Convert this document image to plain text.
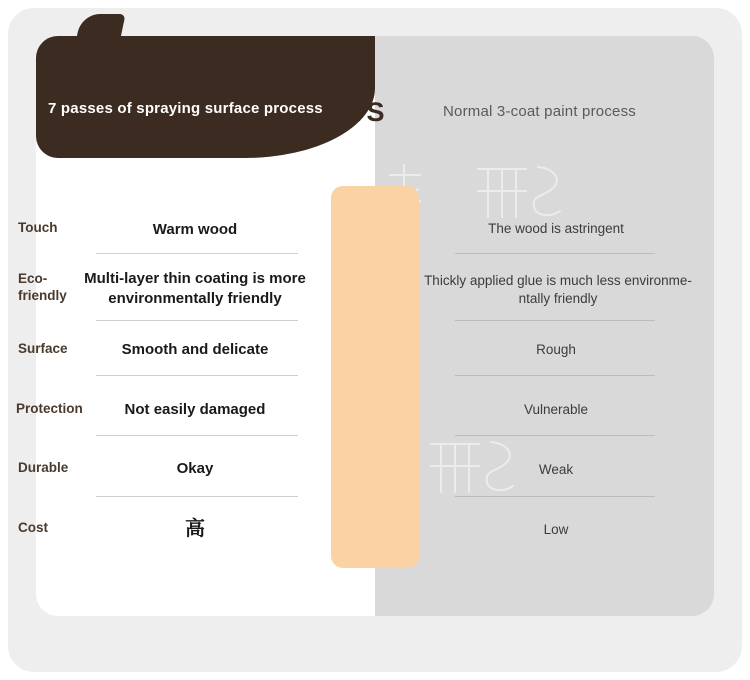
7 passes of spraying surface process VS	Normal 3-coat paint process
Touch
Eco-friendly
Surface
Protection
Durable
Cost
Warm wood
Multi-layer thin coating is more environmentally friendly
Smooth and delicate
Not easily damaged
Okay
高
The wood is astringent
Thickly applied glue is much less environme-ntally friendly
Rough
Vulnerable
Weak
Low
